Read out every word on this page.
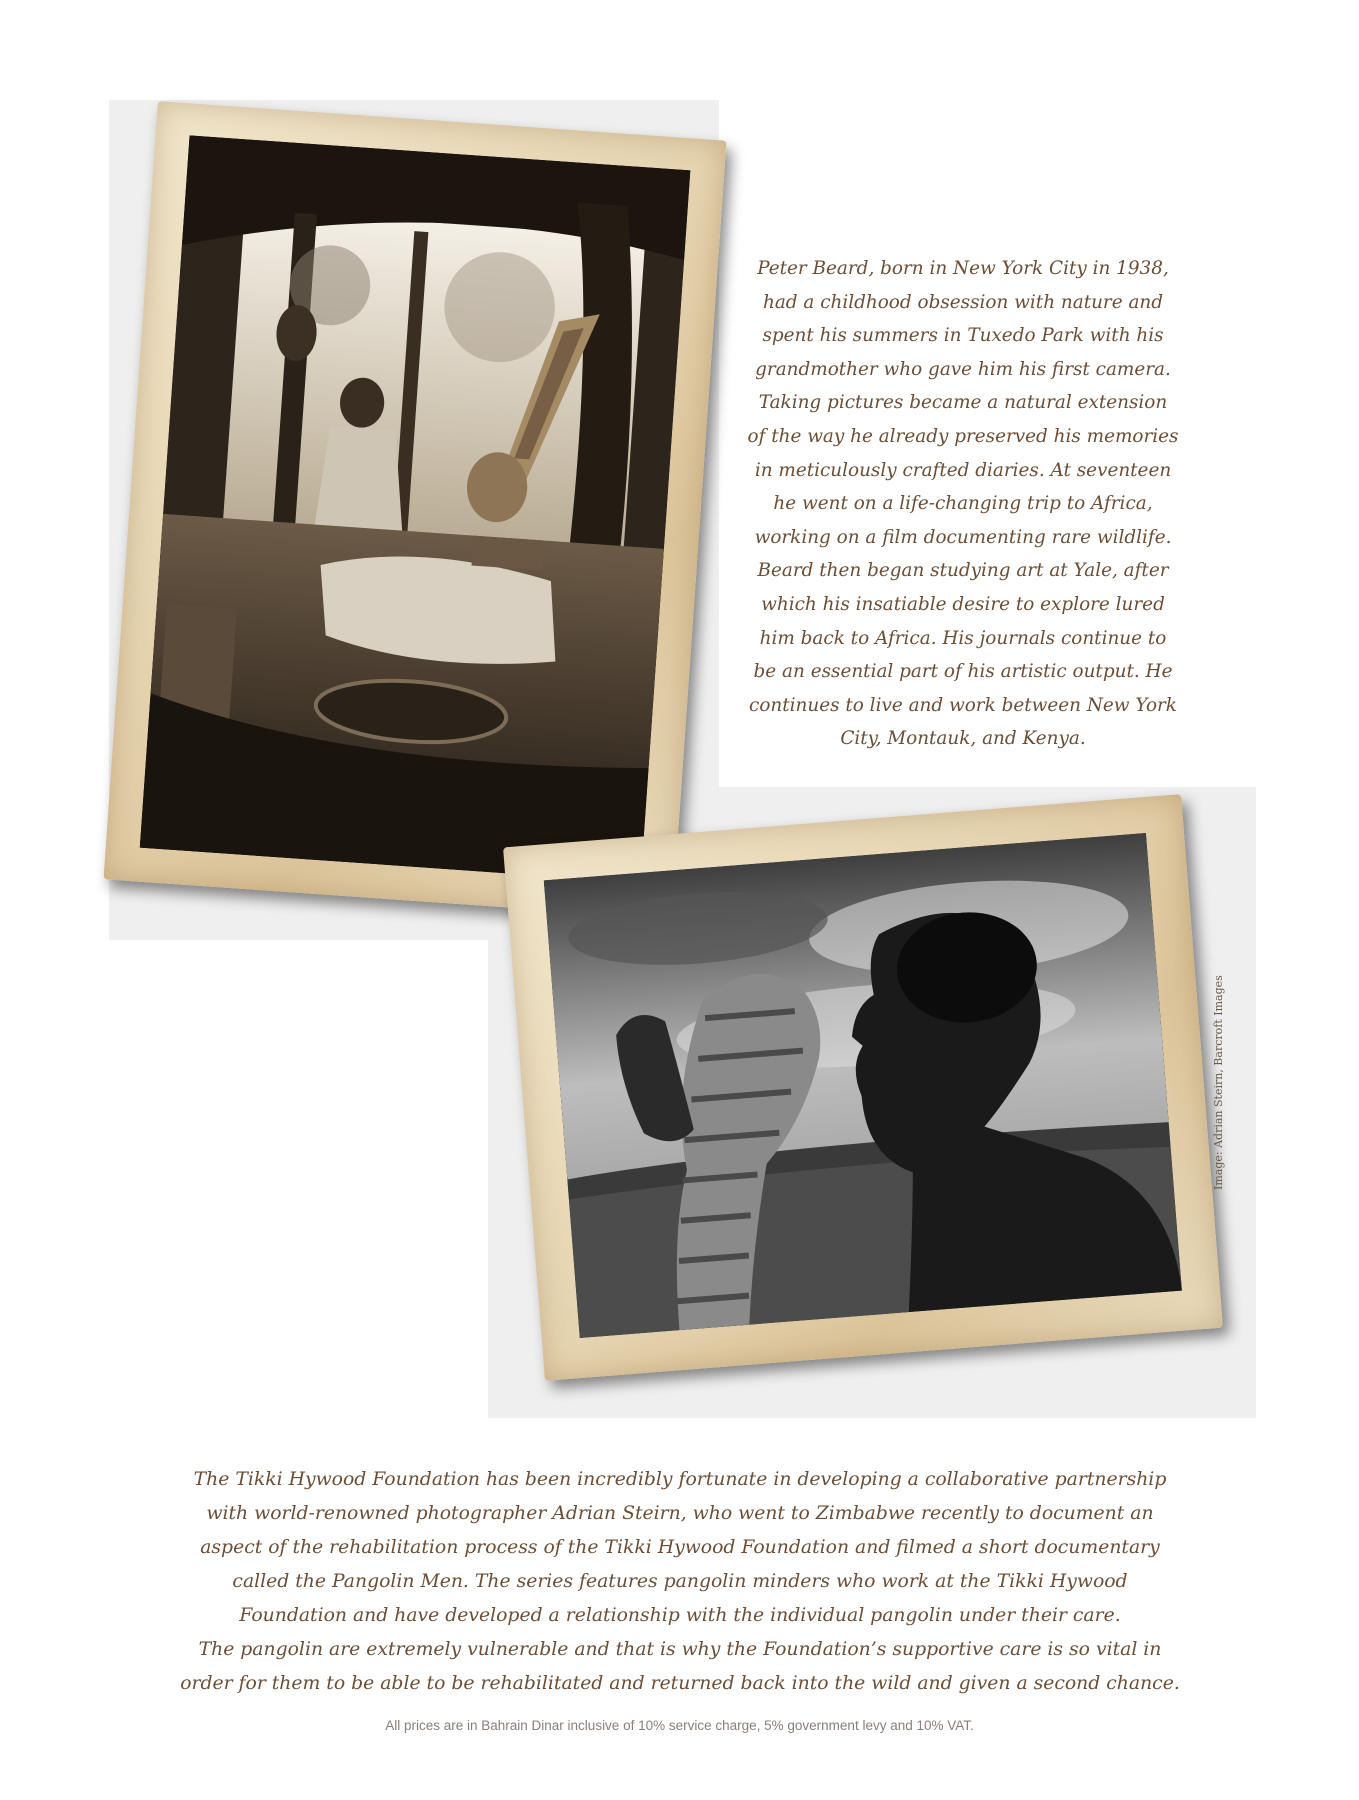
Image: Adrian Steirn, Barcroft Images
Peter Beard, born in New York City in 1938,
had a childhood obsession with nature and
spent his summers in Tuxedo Park with his
grandmother who gave him his first camera.
Taking pictures became a natural extension
of the way he already preserved his memories
in meticulously crafted diaries. At seventeen
he went on a life-changing trip to Africa,
working on a film documenting rare wildlife.
Beard then began studying art at Yale, after
which his insatiable desire to explore lured
him back to Africa. His journals continue to
be an essential part of his artistic output. He
continues to live and work between New York
City, Montauk, and Kenya.
The Tikki Hywood Foundation has been incredibly fortunate in developing a collaborative partnership
with world-renowned photographer Adrian Steirn, who went to Zimbabwe recently to document an
aspect of the rehabilitation process of the Tikki Hywood Foundation and filmed a short documentary
called the Pangolin Men. The series features pangolin minders who work at the Tikki Hywood
Foundation and have developed a relationship with the individual pangolin under their care.
The pangolin are extremely vulnerable and that is why the Foundation’s supportive care is so vital in
order for them to be able to be rehabilitated and returned back into the wild and given a second chance.
All prices are in Bahrain Dinar inclusive of 10% service charge, 5% government levy and 10% VAT.
